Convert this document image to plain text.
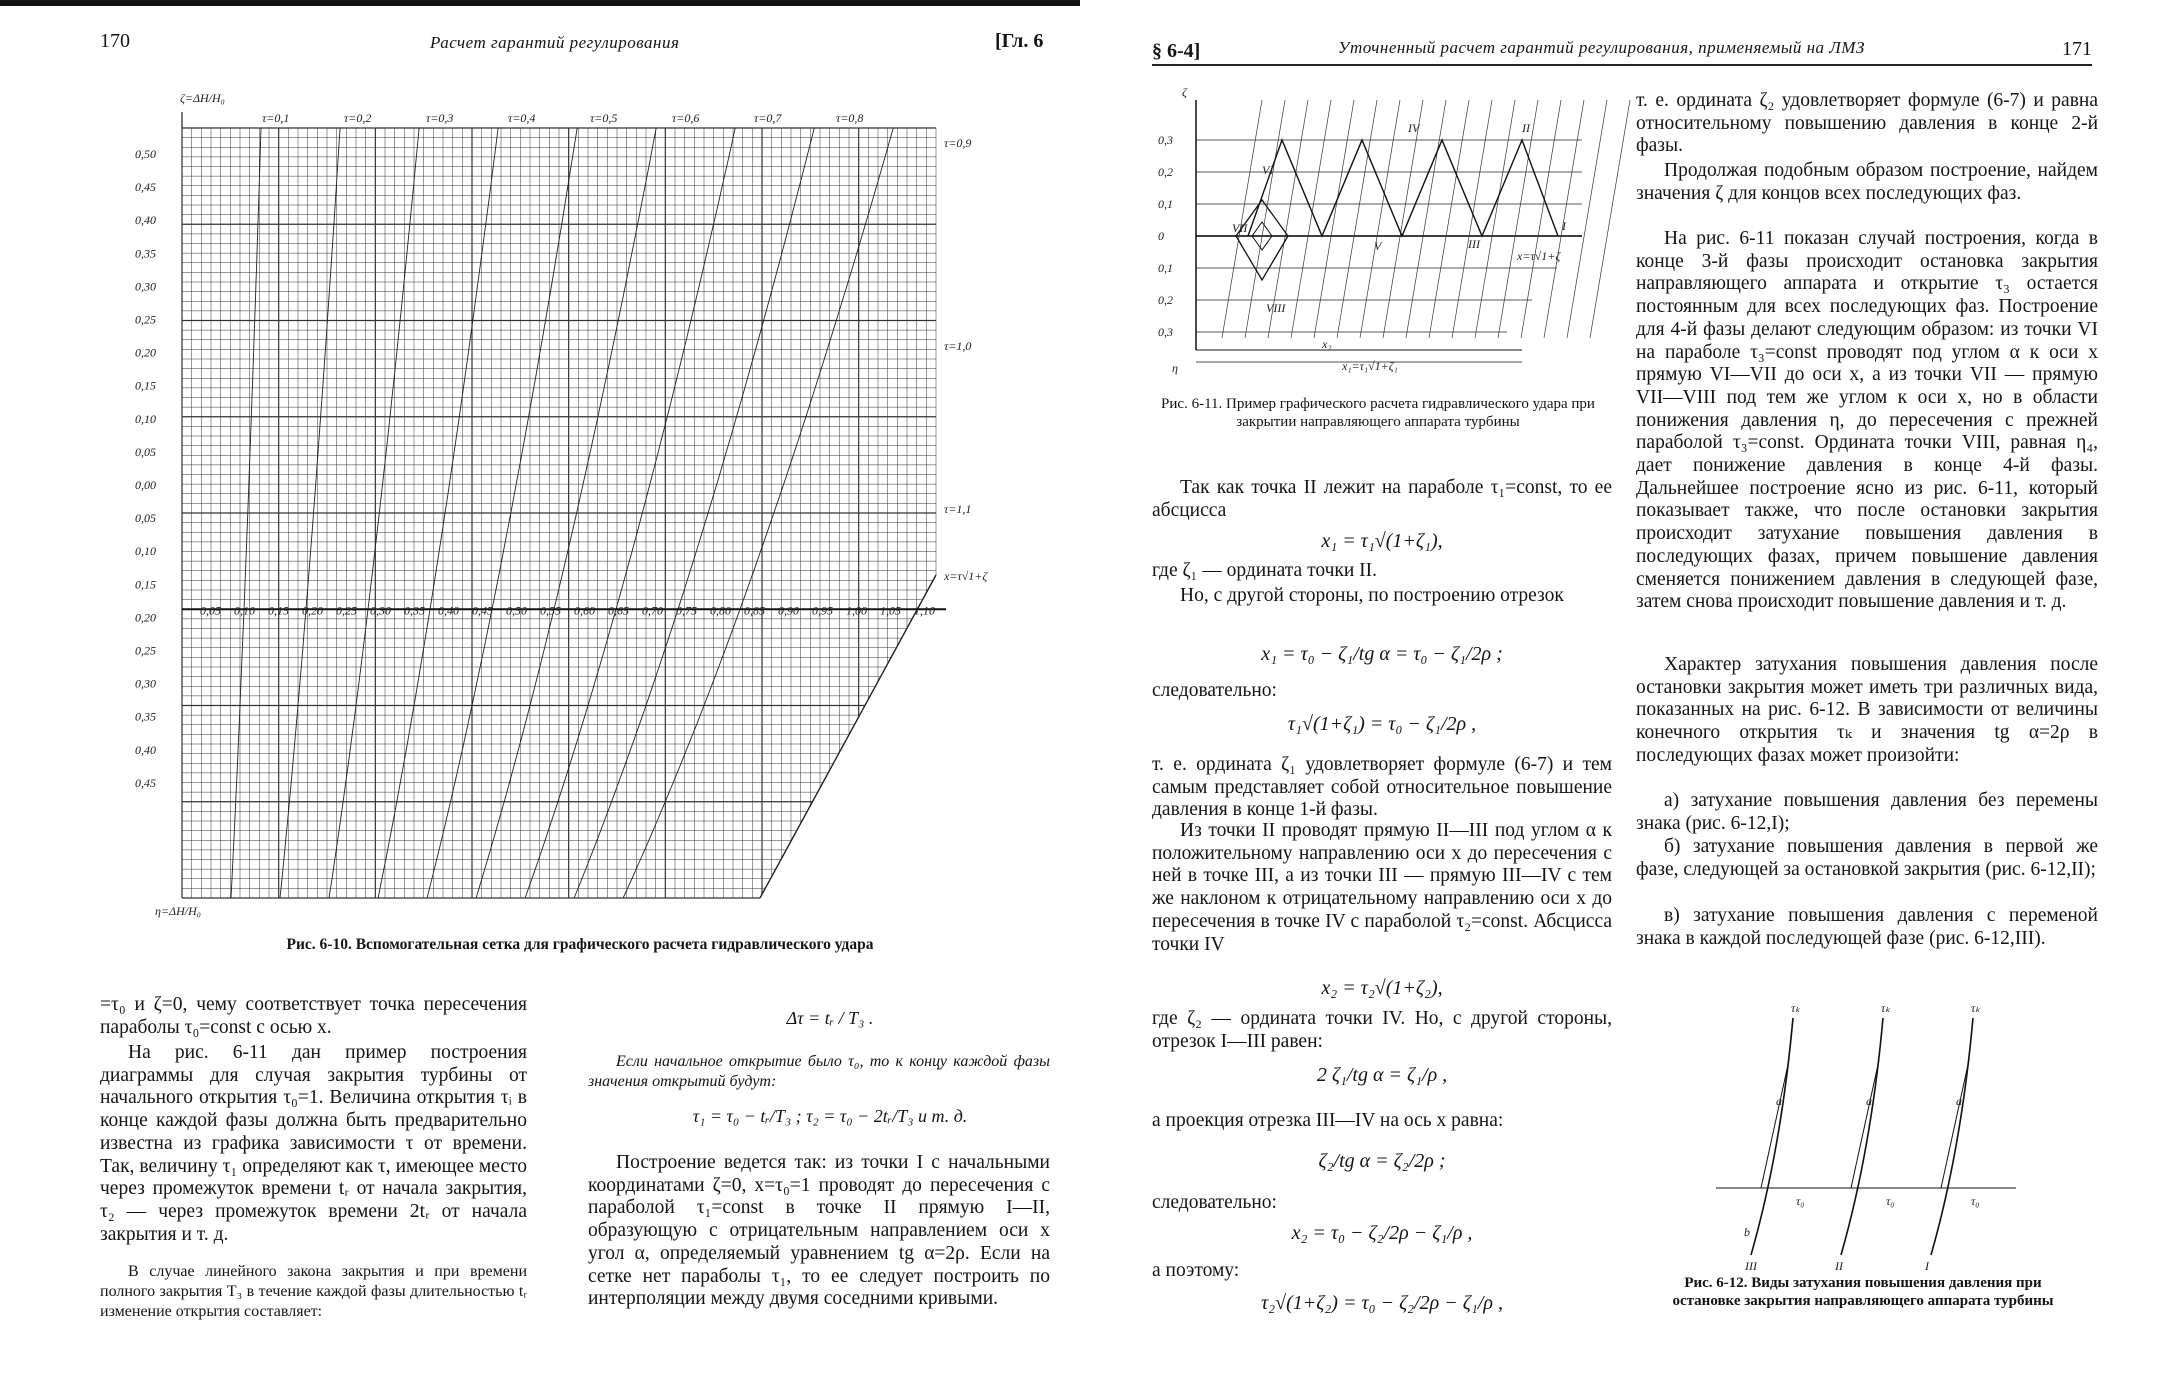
170	Расчет гарантий регулирования	[Гл. 6
0,50
0,45
0,40
0,35
0,30
0,25
0,20
0,15
0,10
0,05
0,00
0,05
0,10
0,15
0,20
0,25
0,30
0,35
0,40
0,45
0,05 0,10 0,15 0,20 0,25 0,30 0,35 0,40 0,45 0,50 0,55 0,60 0,65 0,70 0,75 0,80 0,85 0,90 0,95 1,00 1,05 1,10
τ=0,1	τ=0,2	τ=0,3	τ=0,4	τ=0,5	τ=0,6	τ=0,7	τ=0,8
τ=0,9
τ=1,0
τ=1,1
x=τ√1+ζ
ζ=ΔH/H₀
η=ΔH/H₀
Рис. 6-10. Вспомогательная сетка для графического расчета гидравлического удара

=τ₀ и ζ=0, чему соответствует точка пересечения параболы τ₀=const с осью x.

На рис. 6-11 дан пример построения диаграммы для случая закрытия турбины от начального открытия τ₀=1. Величина открытия τᵢ в конце каждой фазы должна быть предварительно известна из графика зависимости τ от времени. Так, величину τ₁ определяют как τ, имеющее место через промежуток времени tᵣ от начала закрытия, τ₂ — через промежуток времени 2tᵣ от начала закрытия и т. д.

В случае линейного закона закрытия и при времени полного закрытия T₃ в течение каждой фазы длительностью tᵣ изменение открытия составляет:

Δτ = tᵣ / T₃ .

Если начальное открытие было τ₀, то к концу каждой фазы значения открытий будут:

τ₁ = τ₀ − tᵣ/T₃ ; τ₂ = τ₀ − 2tᵣ/T₃ и т. д.

Построение ведется так: из точки I с начальными координатами ζ=0, x=τ₀=1 проводят до пересечения с параболой τ₁=const в точке II прямую I—II, образующую с отрицательным направлением оси x угол α, определяемый уравнением tg α=2ρ. Если на сетке нет параболы τ₁, то ее следует построить по интерполяции между двумя соседними кривыми.

§ 6-4]	Уточненный расчет гарантий регулирования, применяемый на ЛМЗ	171
0,3
0,2
0,1
0
0,1
0,2
0,3
I
II
III
IV
V
VI
VII
VIII
ζ
η
x=τ√1+ζ
x₂
x₁=τ₁√1+ζ₁
Рис. 6-11. Пример графического расчета гидравлического удара при закрытии направляющего аппарата турбины

Так как точка II лежит на параболе τ₁=const, то ее абсцисса

x₁ = τ₁√(1+ζ₁),

где ζ₁ — ордината точки II.

Но, с другой стороны, по построению отрезок

x₁ = τ₀ − ζ₁/tg α = τ₀ − ζ₁/2ρ ;

следовательно:

τ₁√(1+ζ₁) = τ₀ − ζ₁/2ρ ,

т. е. ордината ζ₁ удовлетворяет формуле (6-7) и тем самым представляет собой относительное повышение давления в конце 1-й фазы.

Из точки II проводят прямую II—III под углом α к положительному направлению оси x до пересечения с ней в точке III, а из точки III — прямую III—IV с тем же наклоном к отрицательному направлению оси x до пересечения в точке IV с параболой τ₂=const. Абсцисса точки IV

x₂ = τ₂√(1+ζ₂),

где ζ₂ — ордината точки IV. Но, с другой стороны, отрезок I—III равен:

2 ζ₁/tg α = ζ₁/ρ ,

а проекция отрезка III—IV на ось x равна:

ζ₂/tg α = ζ₂/2ρ ;

следовательно:

x₂ = τ₀ − ζ₂/2ρ − ζ₁/ρ ,

а поэтому:

τ₂√(1+ζ₂) = τ₀ − ζ₂/2ρ − ζ₁/ρ ,

т. е. ордината ζ₂ удовлетворяет формуле (6-7) и равна относительному повышению давления в конце 2-й фазы.

Продолжая подобным образом построение, найдем значения ζ для концов всех последующих фаз.

На рис. 6-11 показан случай построения, когда в конце 3-й фазы происходит остановка закрытия направляющего аппарата и открытие τ₃ остается постоянным для всех последующих фаз. Построение для 4-й фазы делают следующим образом: из точки VI на параболе τ₃=const проводят под углом α к оси x прямую VI—VII до оси x, а из точки VII — прямую VII—VIII под тем же углом к оси x, но в области понижения давления η, до пересечения с прежней параболой τ₃=const. Ордината точки VIII, равная η₄, дает понижение давления в конце 4-й фазы. Дальнейшее построение ясно из рис. 6-11, который показывает также, что после остановки закрытия происходит затухание повышения давления в последующих фазах, причем повышение давления сменяется понижением давления в следующей фазе, затем снова происходит повышение давления и т. д.

Характер затухания повышения давления после остановки закрытия может иметь три различных вида, показанных на рис. 6-12. В зависимости от величины конечного открытия τₖ и значения tg α=2ρ в последующих фазах может произойти:

а) затухание повышения давления без перемены знака (рис. 6-12,I);

б) затухание повышения давления в первой же фазе, следующей за остановкой закрытия (рис. 6-12,II);

в) затухание повышения давления с переменой знака в каждой последующей фазе (рис. 6-12,III).

τₖ
a
τ₀
III
τₖ
a
τ₀
II
τₖ
a
τ₀
I
b
Рис. 6-12. Виды затухания повышения давления при остановке закрытия направляющего аппарата турбины
